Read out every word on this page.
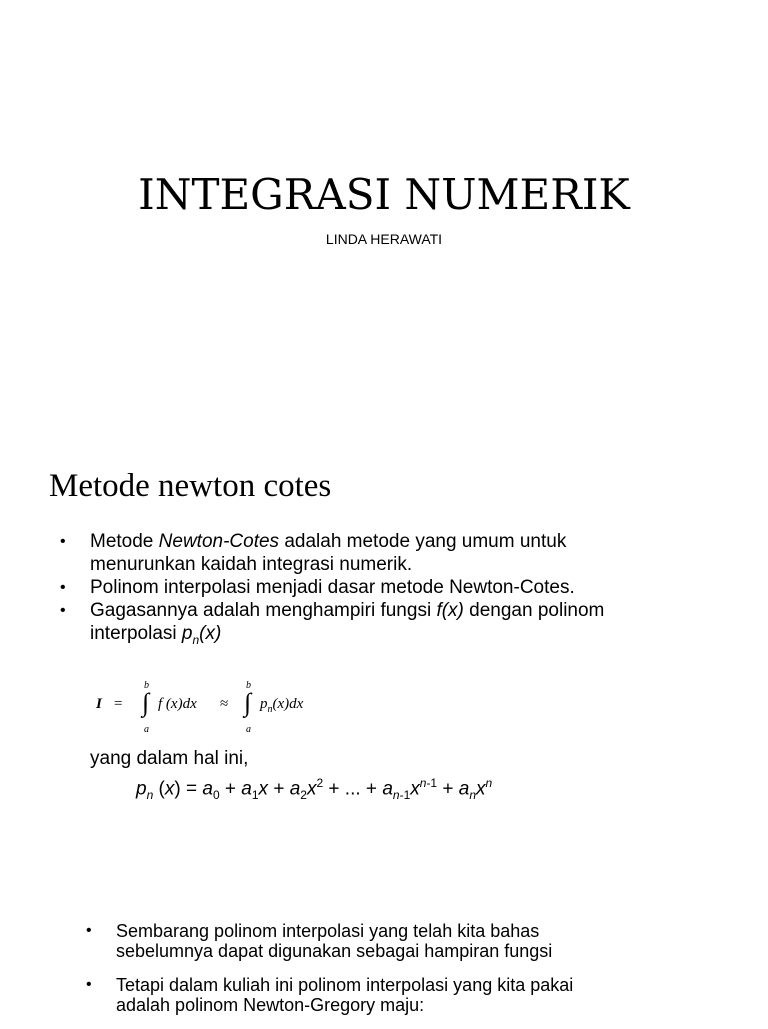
INTEGRASI NUMERIK
LINDA HERAWATI
Metode newton cotes
• Metode Newton-Cotes adalah metode yang umum untuk
menurunkan kaidah integrasi numerik.
• Polinom interpolasi menjadi dasar metode Newton-Cotes.
• Gagasannya adalah menghampiri fungsi f(x) dengan polinom
interpolasi $p_n(x)$
I =
b
∫
a
f (x)dx ≈
b
∫
a
$p_n(x)dx$
yang dalam hal ini,
$p_n$ $(x) = a_0 + a_1x + a_2x^2$ + ... + $a_{n-1}x^{n-1} + a_nx^n$
• Sembarang polinom interpolasi yang telah kita bahas
sebelumnya dapat digunakan sebagai hampiran fungsi
• Tetapi dalam kuliah ini polinom interpolasi yang kita pakai
adalah polinom Newton-Gregory maju:
